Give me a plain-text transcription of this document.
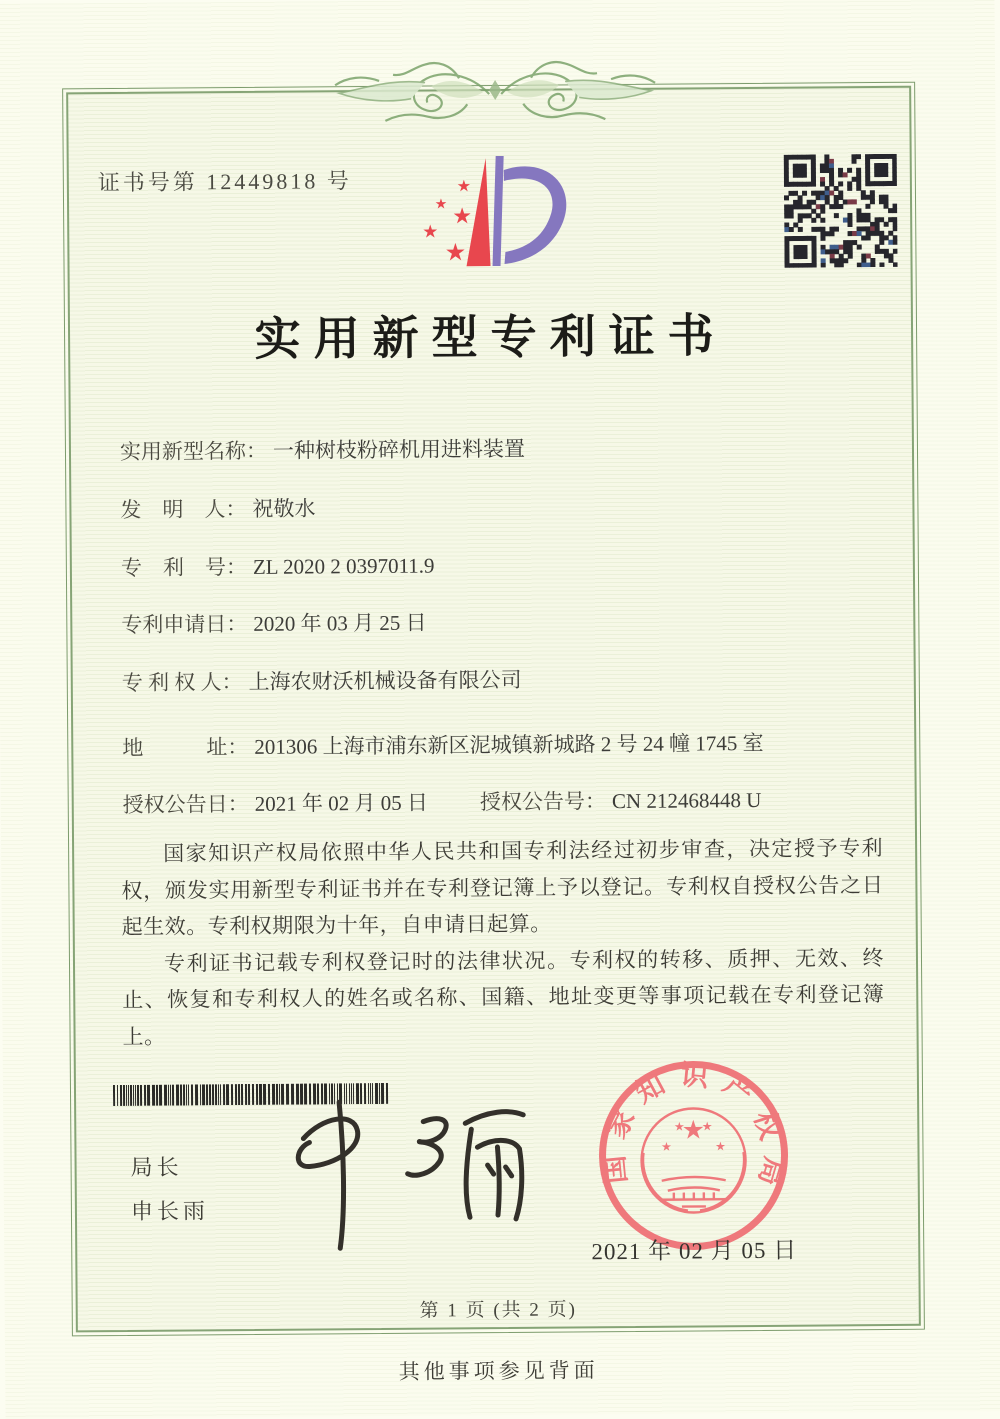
证书号第 12449818 号	★
★ ★
★
★
实用新型专利证书
实用新型名称： 一种树枝粉碎机用进料装置
发　明　人： 祝敬水
专　利　号： ZL 2020 2 0397011.9
专利申请日： 2020 年 03 月 25 日
专 利 权 人： 上海农财沃机械设备有限公司
地　　　址： 201306 上海市浦东新区泥城镇新城路 2 号 24 幢 1745 室
授权公告日： 2021 年 02 月 05 日 授权公告号： CN 212468448 U

国家知识产权局依照中华人民共和国专利法经过初步审查，决定授予专利权，颁发实用新型专利证书并在专利登记簿上予以登记。专利权自授权公告之日起生效。专利权期限为十年，自申请日起算。

专利证书记载专利权登记时的法律状况。专利权的转移、质押、无效、终止、恢复和专利权人的姓名或名称、国籍、地址变更等事项记载在专利登记簿上。

局长
申长雨
国家知识产权局
★
★
★ ★
★
2021 年 02 月 05 日
第 1 页 (共 2 页)
其他事项参见背面
